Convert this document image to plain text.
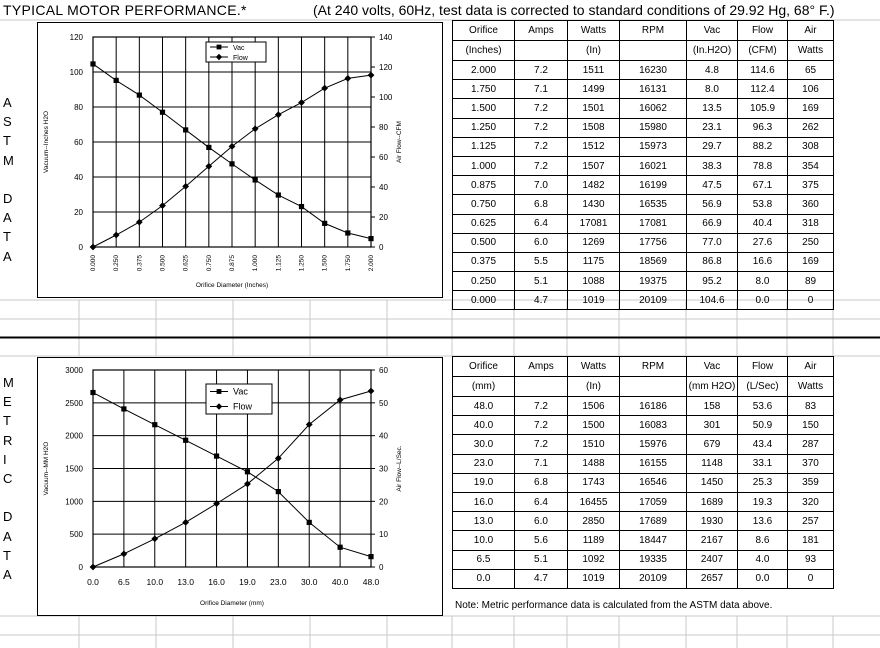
TYPICAL MOTOR PERFORMANCE.*	(At 240 volts, 60Hz, test data is corrected to standard conditions of 29.92 Hg, 68° F.)
A
S
T
M
D
A
T
A
M
E
T
R
I
C
D
A
T
A
0
20
40
60
80
100
120
0
20
40
60
80
100
120
140
0.000 0.250 0.375 0.500 0.625 0.750 0.875 1.000 1.125 1.250 1.500 1.750 2.000
Orifice Diameter (Inches)
Vacuum--Inches H2O	Air Flow--CFM
Vac
Flow
0
500
1000
1500
2000
2500
3000
0
10
20
30
40
50
60
0.0 6.5 10.0 13.0 16.0 19.0 23.0 30.0 40.0 48.0
Orifice Diameter (mm)
Vacuum--MM H2O	Air Flow--L/Sec.
Vac
Flow
Orifice	Amps	Watts	RPM	Vac	Flow	Air
(Inches)		(In)		(In.H2O)	(CFM)	Watts
2.000	7.2	1511	16230	4.8	114.6	65
1.750	7.1	1499	16131	8.0	112.4	106
1.500	7.2	1501	16062	13.5	105.9	169
1.250	7.2	1508	15980	23.1	96.3	262
1.125	7.2	1512	15973	29.7	88.2	308
1.000	7.2	1507	16021	38.3	78.8	354
0.875	7.0	1482	16199	47.5	67.1	375
0.750	6.8	1430	16535	56.9	53.8	360
0.625	6.4	17081	17081	66.9	40.4	318
0.500	6.0	1269	17756	77.0	27.6	250
0.375	5.5	1175	18569	86.8	16.6	169
0.250	5.1	1088	19375	95.2	8.0	89
0.000	4.7	1019	20109	104.6	0.0	0
Orifice	Amps	Watts	RPM	Vac	Flow	Air
(mm)		(In)		(mm H2O)	(L/Sec)	Watts
48.0	7.2	1506	16186	158	53.6	83
40.0	7.2	1500	16083	301	50.9	150
30.0	7.2	1510	15976	679	43.4	287
23.0	7.1	1488	16155	1148	33.1	370
19.0	6.8	1743	16546	1450	25.3	359
16.0	6.4	16455	17059	1689	19.3	320
13.0	6.0	2850	17689	1930	13.6	257
10.0	5.6	1189	18447	2167	8.6	181
6.5	5.1	1092	19335	2407	4.0	93
0.0	4.7	1019	20109	2657	0.0	0
Note: Metric performance data is calculated from the ASTM data above.
